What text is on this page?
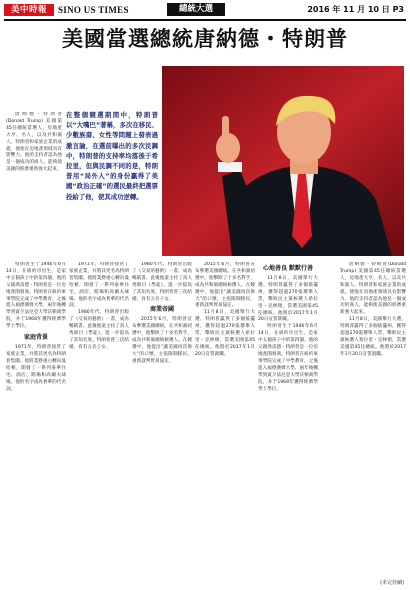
美中時報	SINO US TIMES	總統大選	2016 年 11 月 10 日 P3
美國當選總統唐納德・特朗普

唐納德・特朗普(Donald Trump) 美國第45任總統當選人，房地產大亨、名人，以及共和黨人。特朗普和家族企業的成就，使他在房地產領域具有影響力。他的支持者認為他是一個成功的商人，能夠使美國的經濟重新強大起來。

在整個競選期間中，特朗普以“大嘴巴”著稱，多次在移民、少數族裔、女性等問題上發表過激言論，在選前曝出的多次民調中，特朗普的支持率均落後于希拉里，但與民調不同的是，特朗普用“局外人”的身份贏得了美國“政治正確”的選民最終把選票投給了他，使其成功逆轉。

特朗普生于1946年6月14日，在紐約市出生，是家中五個孩子中的第四個。他的父親弗雷德・特朗普是一位房地產開發商。特朗普在紐約軍事學院完成了中學教育，之後進入福德漢姆大學，兩年後轉學到賓夕法尼亞大學沃頓商學院，并于1968年獲得經濟學學士學位。

家庭背景

1971年，特朗普接管了家族企業，并將其更名為特朗普集團。他將業務重心轉向曼哈頓，開發了一系列豪華住宅、酒店、賭場和高爾夫球場。他的名字成為奢華的代名詞。

1971年，特朗普接管了家族企業，并將其更名為特朗普集團。他將業務重心轉向曼哈頓，開發了一系列豪華住宅、酒店、賭場和高爾夫球場。他的名字成為奢華的代名詞。

1980年代，特朗普出版了《交易的藝術》一書，成為暢銷書。此後他還主持了真人秀節目《學徒》，進一步提高了其知名度。特朗普曾三次結婚，育有五名子女。

1980年代，特朗普出版了《交易的藝術》一書，成為暢銷書。此後他還主持了真人秀節目《學徒》，進一步提高了其知名度。特朗普曾三次結婚，育有五名子女。

商業帝國

2015年6月，特朗普宣布參選美國總統。在共和黨初選中，他擊敗了十多名對手，成為共和黨總統候選人。在競選中，他提出“讓美國再次偉大”的口號，主張限制移民、重新談判貿易協定。

2015年6月，特朗普宣布參選美國總統。在共和黨初選中，他擊敗了十多名對手，成為共和黨總統候選人。在競選中，他提出“讓美國再次偉大”的口號，主張限制移民、重新談判貿易協定。

11月8日，美國舉行大選。特朗普贏得了多個搖擺州，獲得超過270張選舉人票，擊敗民主黨候選人希拉里・克林頓，當選美國第45任總統。他將於2017年1月20日宣誓就職。

心地善良 默默行善

11月8日，美國舉行大選。特朗普贏得了多個搖擺州，獲得超過270張選舉人票，擊敗民主黨候選人希拉里・克林頓，當選美國第45任總統。他將於2017年1月20日宣誓就職。

特朗普生于1946年6月14日，在紐約市出生，是家中五個孩子中的第四個。他的父親弗雷德・特朗普是一位房地產開發商。特朗普在紐約軍事學院完成了中學教育，之後進入福德漢姆大學，兩年後轉學到賓夕法尼亞大學沃頓商學院，并于1968年獲得經濟學學士學位。

唐納德・特朗普(Donald Trump) 美國第45任總統當選人，房地產大亨、名人，以及共和黨人。特朗普和家族企業的成就，使他在房地產領域具有影響力。他的支持者認為他是一個成功的商人，能夠使美國的經濟重新強大起來。

11月8日，美國舉行大選。特朗普贏得了多個搖擺州，獲得超過270張選舉人票，擊敗民主黨候選人希拉里・克林頓，當選美國第45任總統。他將於2017年1月20日宣誓就職。

(未完待續)
